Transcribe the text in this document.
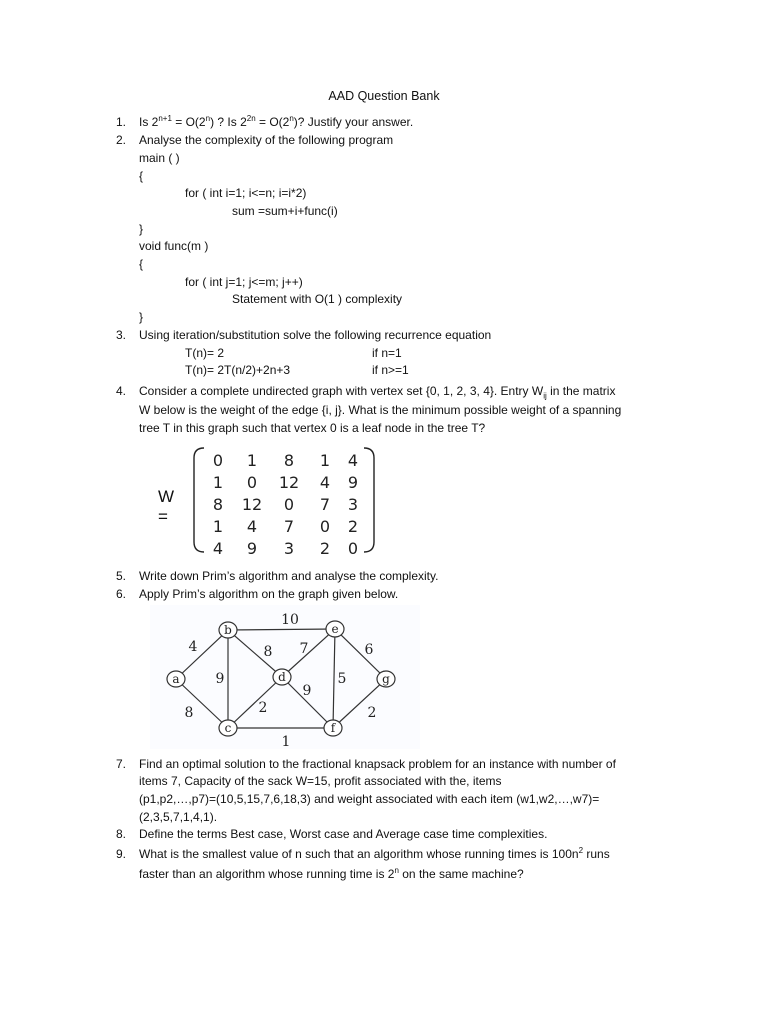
AAD Question Bank
1. Is $2^{n+1} = O(2^n)$ ? Is $2^{2n} = O(2^n)$? Justify your answer.
2. Analyse the complexity of the following program
main ( )
{
for ( int i=1; i<=n; i=i*2)
sum =sum+i+func(i)
}
void func(m )
{
for ( int j=1; j<=m; j++)
Statement with O(1 ) complexity
}
3. Using iteration/substitution solve the following recurrence equation
T(n)= 2	if n=1
T(n)= 2T(n/2)+2n+3	if n>=1
4. Consider a complete undirected graph with vertex set {0, 1, 2, 3, 4}. Entry $W_{ij}$ in the matrix
W below is the weight of the edge {i, j}. What is the minimum possible weight of a spanning
tree T in this graph such that vertex 0 is a leaf node in the tree T?
W =
0 1 8 1 4
1 0 12 4 9
8 12 0 7 3
1 4 7 0 2
4 9 3 2 0
5. Write down Prim’s algorithm and analyse the complexity.
6. Apply Prim’s algorithm on the graph given below.
4
8
9
8
10
2
1
7
9
5
6
2
a
b
c
d
e
f
g
7. Find an optimal solution to the fractional knapsack problem for an instance with number of
items 7, Capacity of the sack W=15, profit associated with the, items
(p1,p2,…,p7)=(10,5,15,7,6,18,3) and weight associated with each item (w1,w2,…,w7)=
(2,3,5,7,1,4,1).
8. Define the terms Best case, Worst case and Average case time complexities.
9. What is the smallest value of n such that an algorithm whose running times is $100n^2$ runs
faster than an algorithm whose running time is 2$^n$ on the same machine?
